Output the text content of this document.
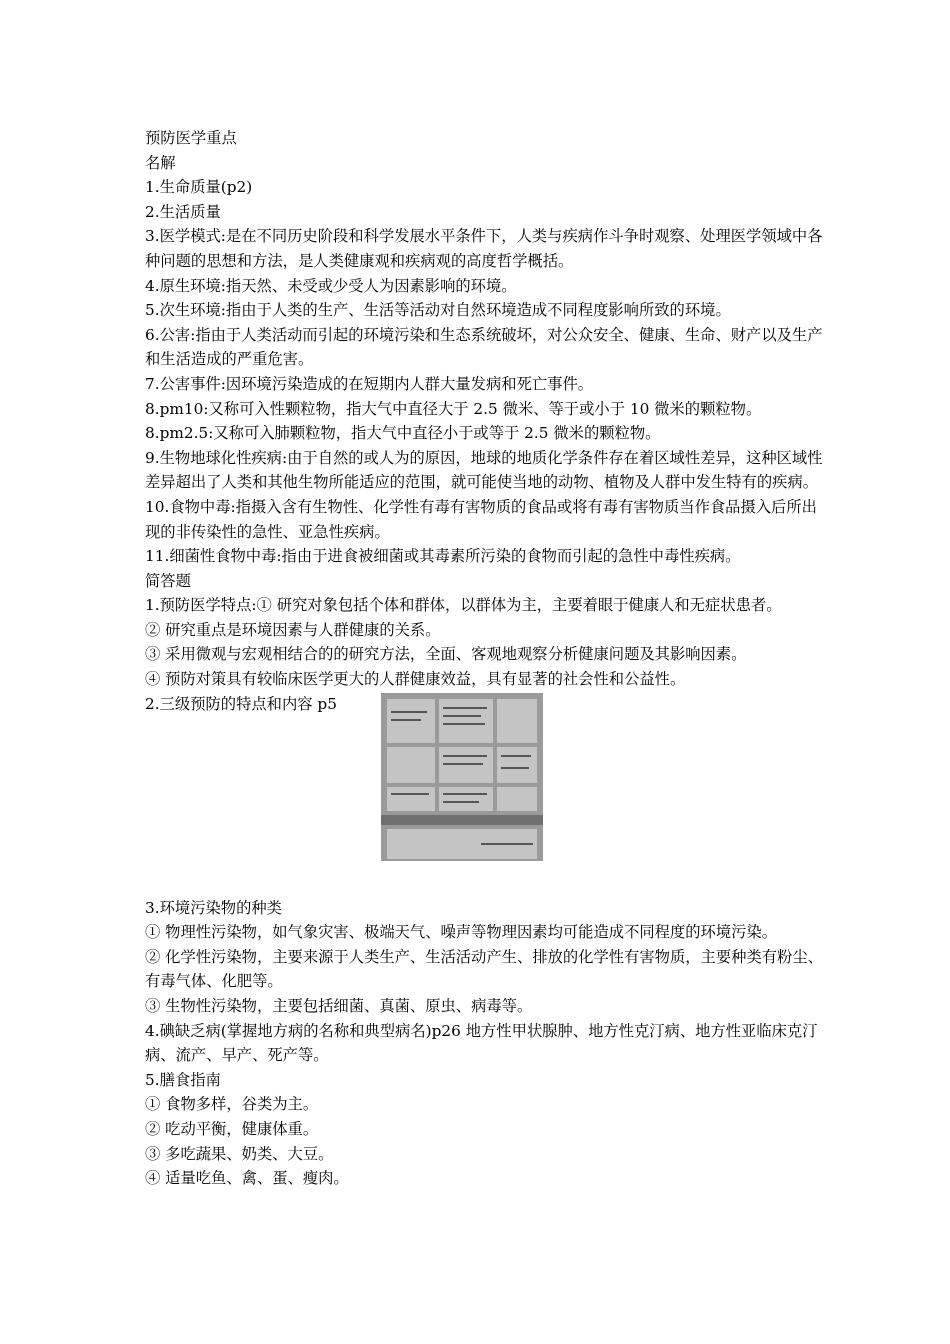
预防医学重点
名解
1.生命质量(p2)
2.生活质量
3.医学模式:是在不同历史阶段和科学发展水平条件下，人类与疾病作斗争时观察、处理医学领域中各种问题的思想和方法，是人类健康观和疾病观的高度哲学概括。
4.原生环境:指天然、未受或少受人为因素影响的环境。
5.次生环境:指由于人类的生产、生活等活动对自然环境造成不同程度影响所致的环境。
6.公害:指由于人类活动而引起的环境污染和生态系统破坏，对公众安全、健康、生命、财产以及生产和生活造成的严重危害。
7.公害事件:因环境污染造成的在短期内人群大量发病和死亡事件。
8.pm10:又称可入性颗粒物，指大气中直径大于 2.5 微米、等于或小于 10 微米的颗粒物。
8.pm2.5:又称可入肺颗粒物，指大气中直径小于或等于 2.5 微米的颗粒物。
9.生物地球化性疾病:由于自然的或人为的原因，地球的地质化学条件存在着区域性差异，这种区域性差异超出了人类和其他生物所能适应的范围，就可能使当地的动物、植物及人群中发生特有的疾病。
10.食物中毒:指摄入含有生物性、化学性有毒有害物质的食品或将有毒有害物质当作食品摄入后所出现的非传染性的急性、亚急性疾病。
11.细菌性食物中毒:指由于进食被细菌或其毒素所污染的食物而引起的急性中毒性疾病。
简答题
1.预防医学特点:① 研究对象包括个体和群体，以群体为主，主要着眼于健康人和无症状患者。
② 研究重点是环境因素与人群健康的关系。
③ 采用微观与宏观相结合的的研究方法，全面、客观地观察分析健康问题及其影响因素。
④ 预防对策具有较临床医学更大的人群健康效益，具有显著的社会性和公益性。
2.三级预防的特点和内容 p5
3.环境污染物的种类
① 物理性污染物，如气象灾害、极端天气、噪声等物理因素均可能造成不同程度的环境污染。
② 化学性污染物，主要来源于人类生产、生活活动产生、排放的化学性有害物质，主要种类有粉尘、有毒气体、化肥等。
③ 生物性污染物，主要包括细菌、真菌、原虫、病毒等。
4.碘缺乏病(掌握地方病的名称和典型病名)p26 地方性甲状腺肿、地方性克汀病、地方性亚临床克汀病、流产、早产、死产等。
5.膳食指南
① 食物多样，谷类为主。
② 吃动平衡，健康体重。
③ 多吃蔬果、奶类、大豆。
④ 适量吃鱼、禽、蛋、瘦肉。
